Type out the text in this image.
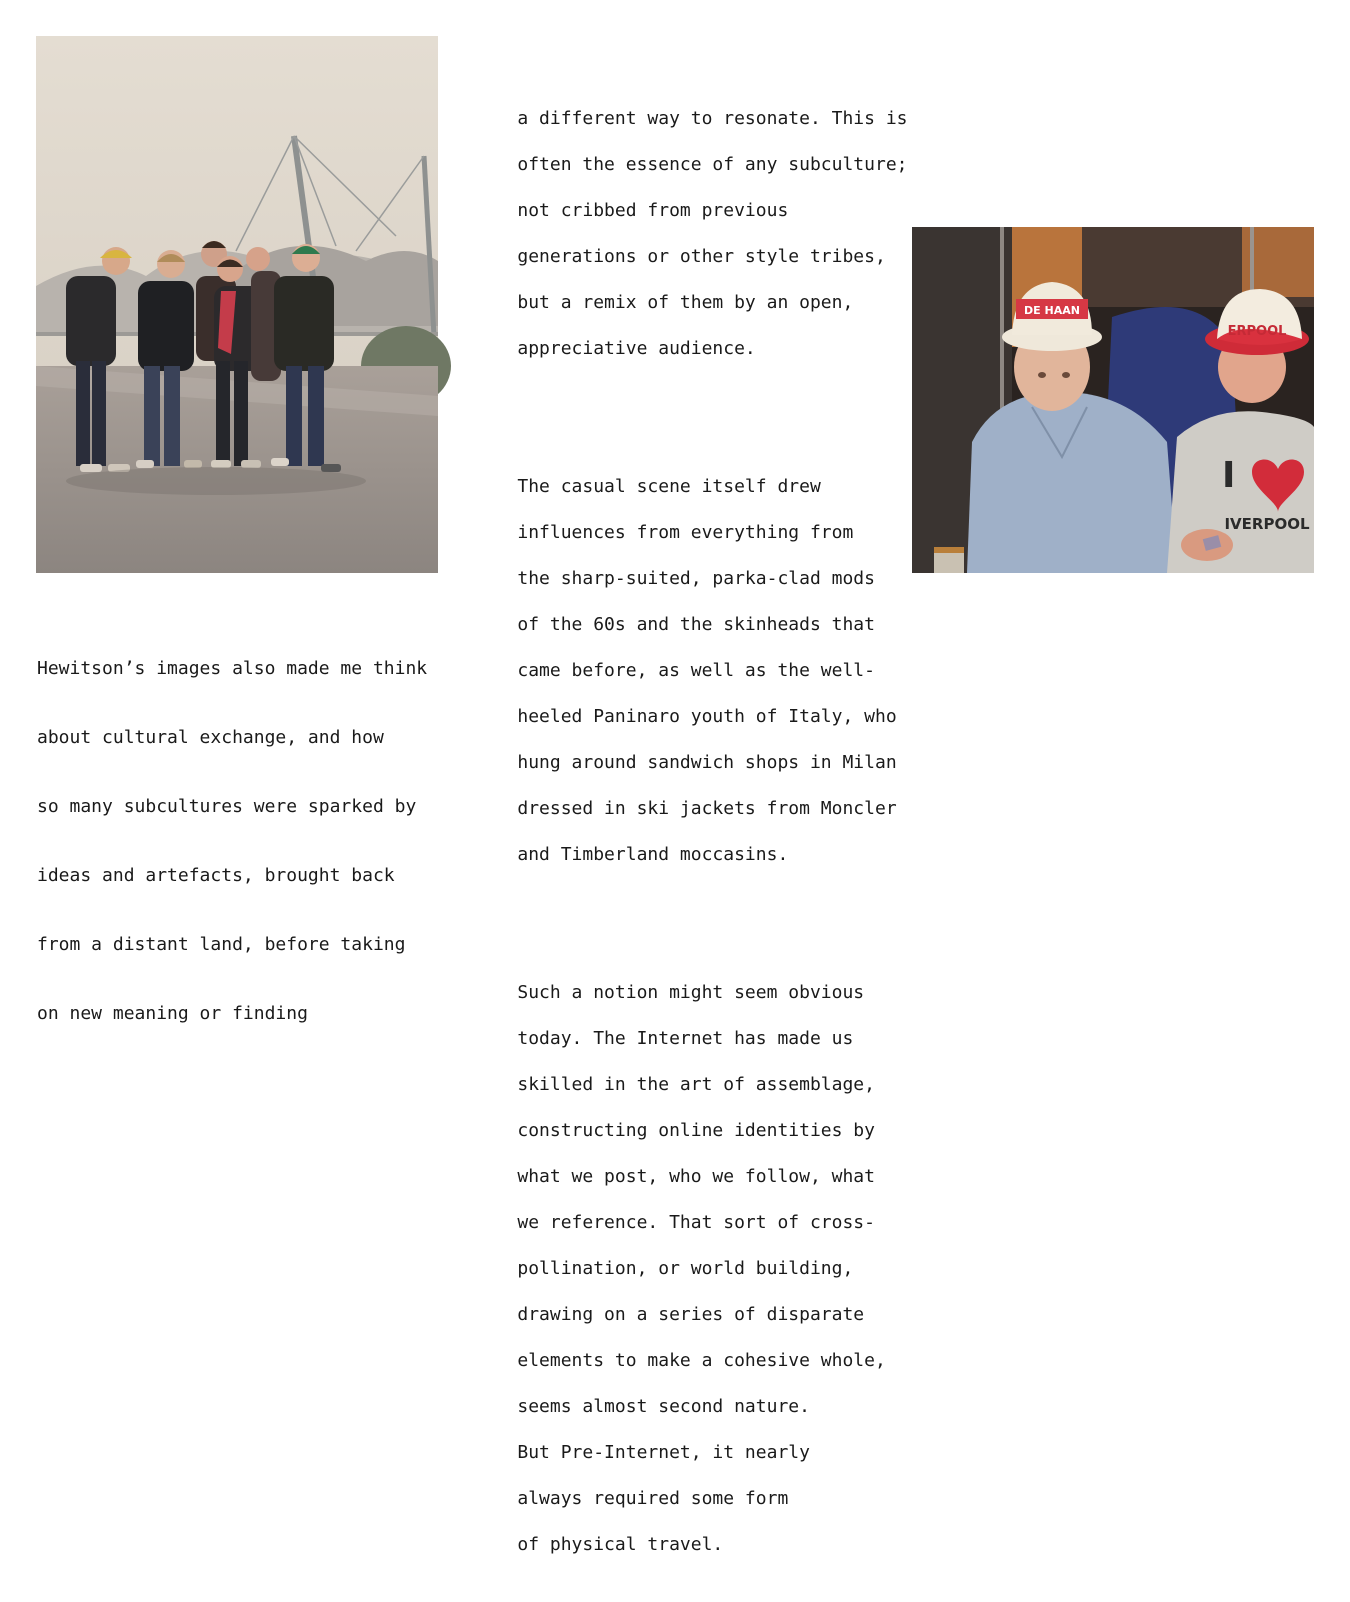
DE HAAN
ERPOOL
I
IVERPOOL

Hewitson’s images also made me think

about cultural exchange, and how

so many subcultures were sparked by

ideas and artefacts, brought back

from a distant land, before taking

on new meaning or finding

a different way to resonate. This is

often the essence of any subculture;

not cribbed from previous

generations or other style tribes,

but a remix of them by an open,

appreciative audience.

The casual scene itself drew

influences from everything from

the sharp-suited, parka-clad mods

of the 60s and the skinheads that

came before, as well as the well-

heeled Paninaro youth of Italy, who

hung around sandwich shops in Milan

dressed in ski jackets from Moncler

and Timberland moccasins.

Such a notion might seem obvious

today. The Internet has made us

skilled in the art of assemblage,

constructing online identities by

what we post, who we follow, what

we reference. That sort of cross-

pollination, or world building,

drawing on a series of disparate

elements to make a cohesive whole,

seems almost second nature.

But Pre-Internet, it nearly

always required some form

of physical travel.
